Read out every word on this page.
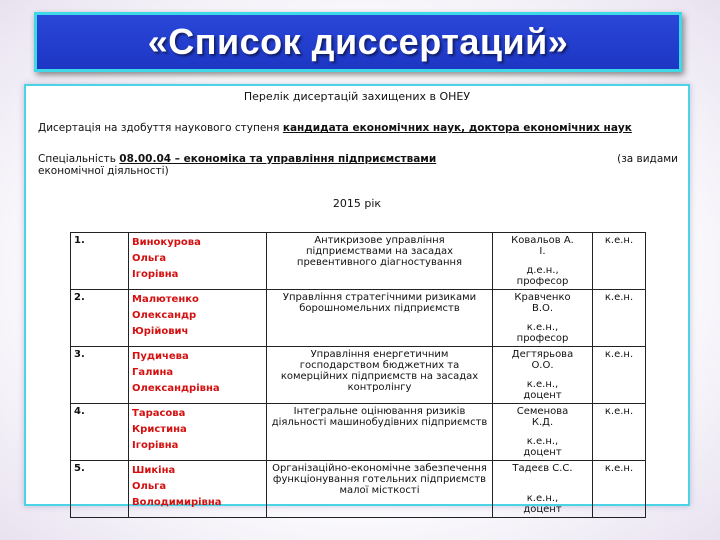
«Список диссертаций»
Перелік дисертацій захищених в ОНЕУ
Дисертація на здобуття наукового ступеня кандидата економічних наук, доктора економічних наук
(за видами
Спеціальність 08.00.04 – економіка та управління підприємствами
економічної діяльності)
2015 рік
1.	Винокурова
Ольга
Ігорівна	Антикризове управління підприємствами на засадах превентивного діагностування	Ковальов А.
І.
д.е.н.,
професор	к.е.н.
2.	Малютенко
Олександр
Юрійович	Управління стратегічними ризиками борошномельних підприємств	Кравченко
В.О.
к.е.н.,
професор	к.е.н.
3.	Пудичева
Галина
Олександрівна	Управління енергетичним господарством бюджетних та комерційних підприємств на засадах контролінгу	Дегтярьова
О.О.
к.е.н.,
доцент	к.е.н.
4.	Тарасова
Кристина
Ігорівна	Інтегральне оцінювання ризиків діяльності машинобудівних підприємств	Семенова
К.Д.
к.е.н.,
доцент	к.е.н.
5.	Шикіна
Ольга
Володимирівна	Організаційно-економічне забезпечення функціонування готельних підприємств малої місткості	Тадеєв С.С.

к.е.н.,
доцент	к.е.н.
